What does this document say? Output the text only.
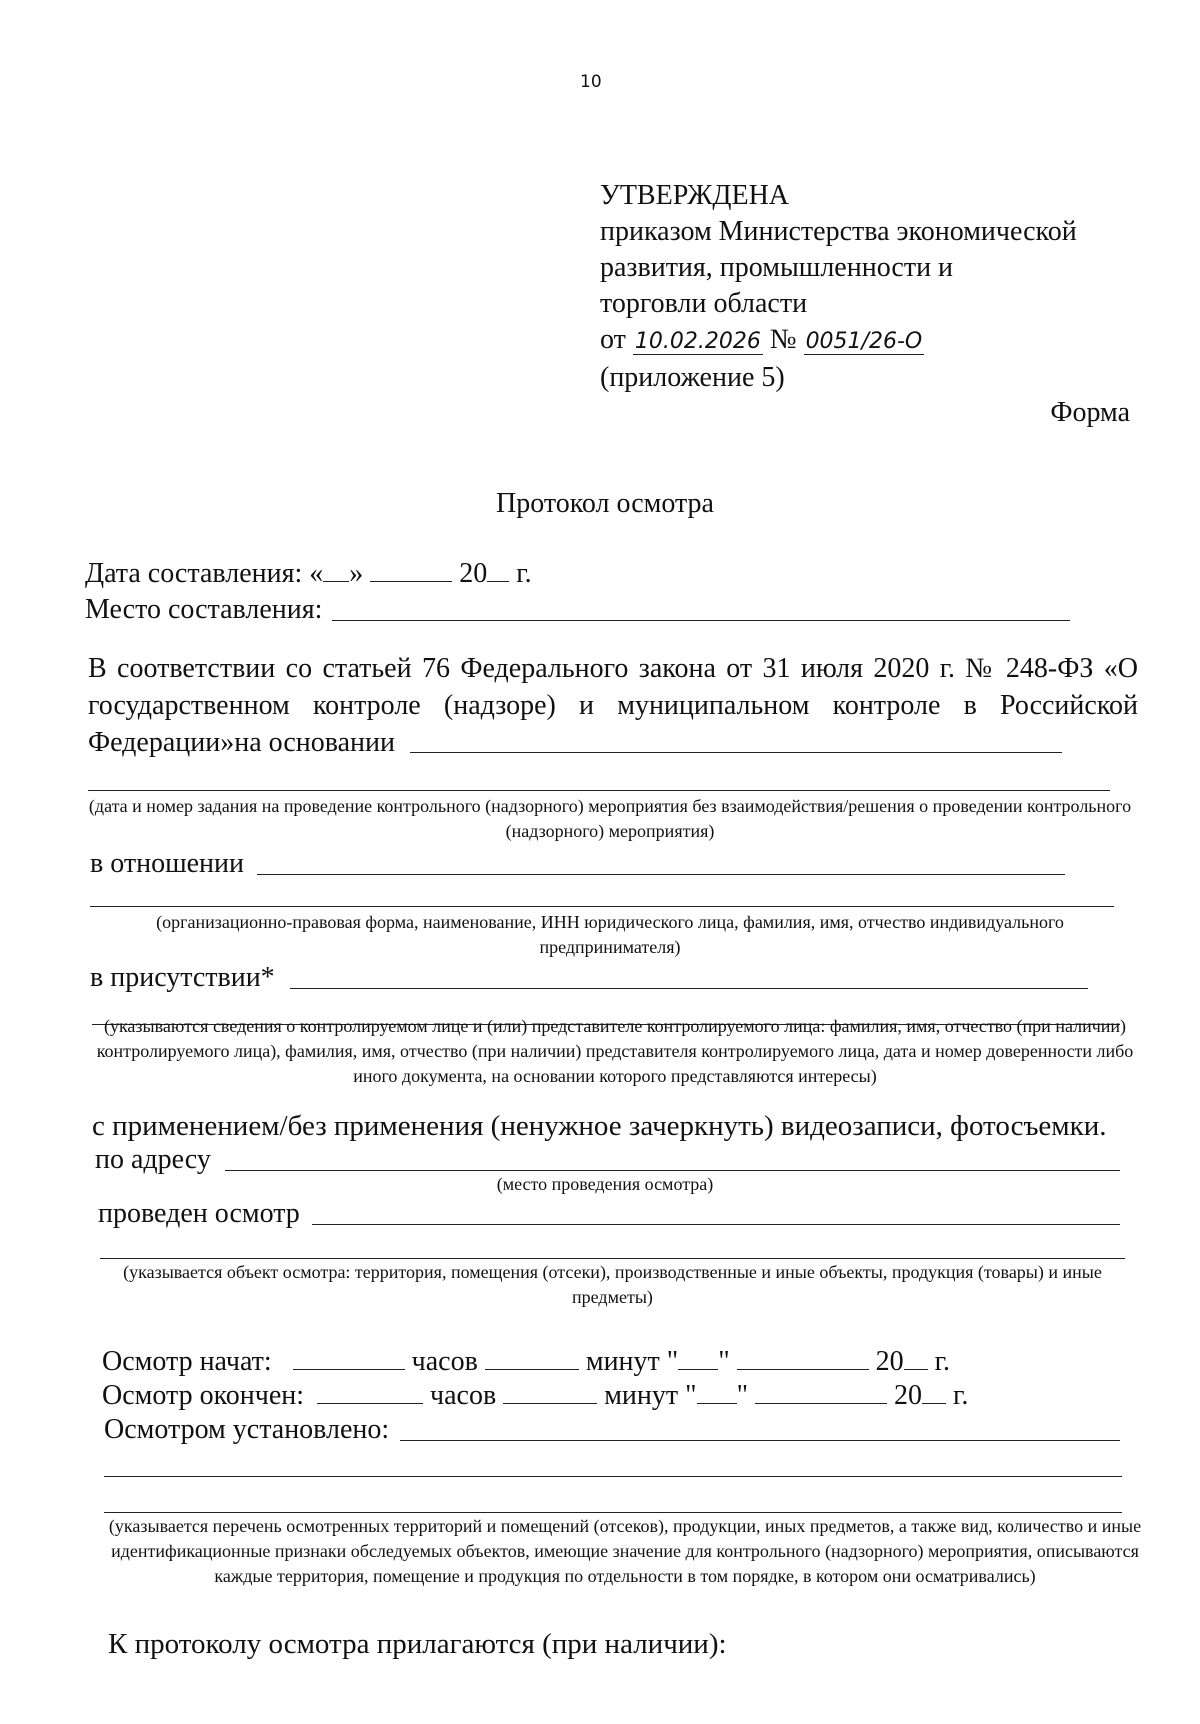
10
УТВЕРЖДЕНА
приказом Министерства экономической
развития, промышленности и
торговли области
от 10.02.2026 № 0051/26-О
(приложение 5)
Форма
Протокол осмотра
Дата составления: « »	20 г.
Место составления:
В соответствии со статьей 76 Федерального закона от 31 июля 2020 г. № 248-ФЗ «О государственном контроле (надзоре) и муниципальном контроле в Российской Федерации»на основании
(дата и номер задания на проведение контрольного (надзорного) мероприятия без взаимодействия/решения о проведении контрольного (надзорного) мероприятия)
в отношении
(организационно-правовая форма, наименование, ИНН юридического лица, фамилия, имя, отчество индивидуального предпринимателя)
в присутствии*
(указываются сведения о контролируемом лице и (или) представителе контролируемого лица: фамилия, имя, отчество (при наличии) контролируемого лица), фамилия, имя, отчество (при наличии) представителя контролируемого лица, дата и номер доверенности либо иного документа, на основании которого представляются интересы)
с применением/без применения (ненужное зачеркнуть) видеозаписи, фотосъемки.
по адресу
(место проведения осмотра)
проведен осмотр
(указывается объект осмотра: территория, помещения (отсеки), производственные и иные объекты, продукция (товары) и иные предметы)
Осмотр начат:	часов	минут " "	20 г.
Осмотр окончен:	часов	минут " "	20 г.
Осмотром установлено:
(указывается перечень осмотренных территорий и помещений (отсеков), продукции, иных предметов, а также вид, количество и иные идентификационные признаки обследуемых объектов, имеющие значение для контрольного (надзорного) мероприятия, описываются каждые территория, помещение и продукция по отдельности в том порядке, в котором они осматривались)
К протоколу осмотра прилагаются (при наличии):
